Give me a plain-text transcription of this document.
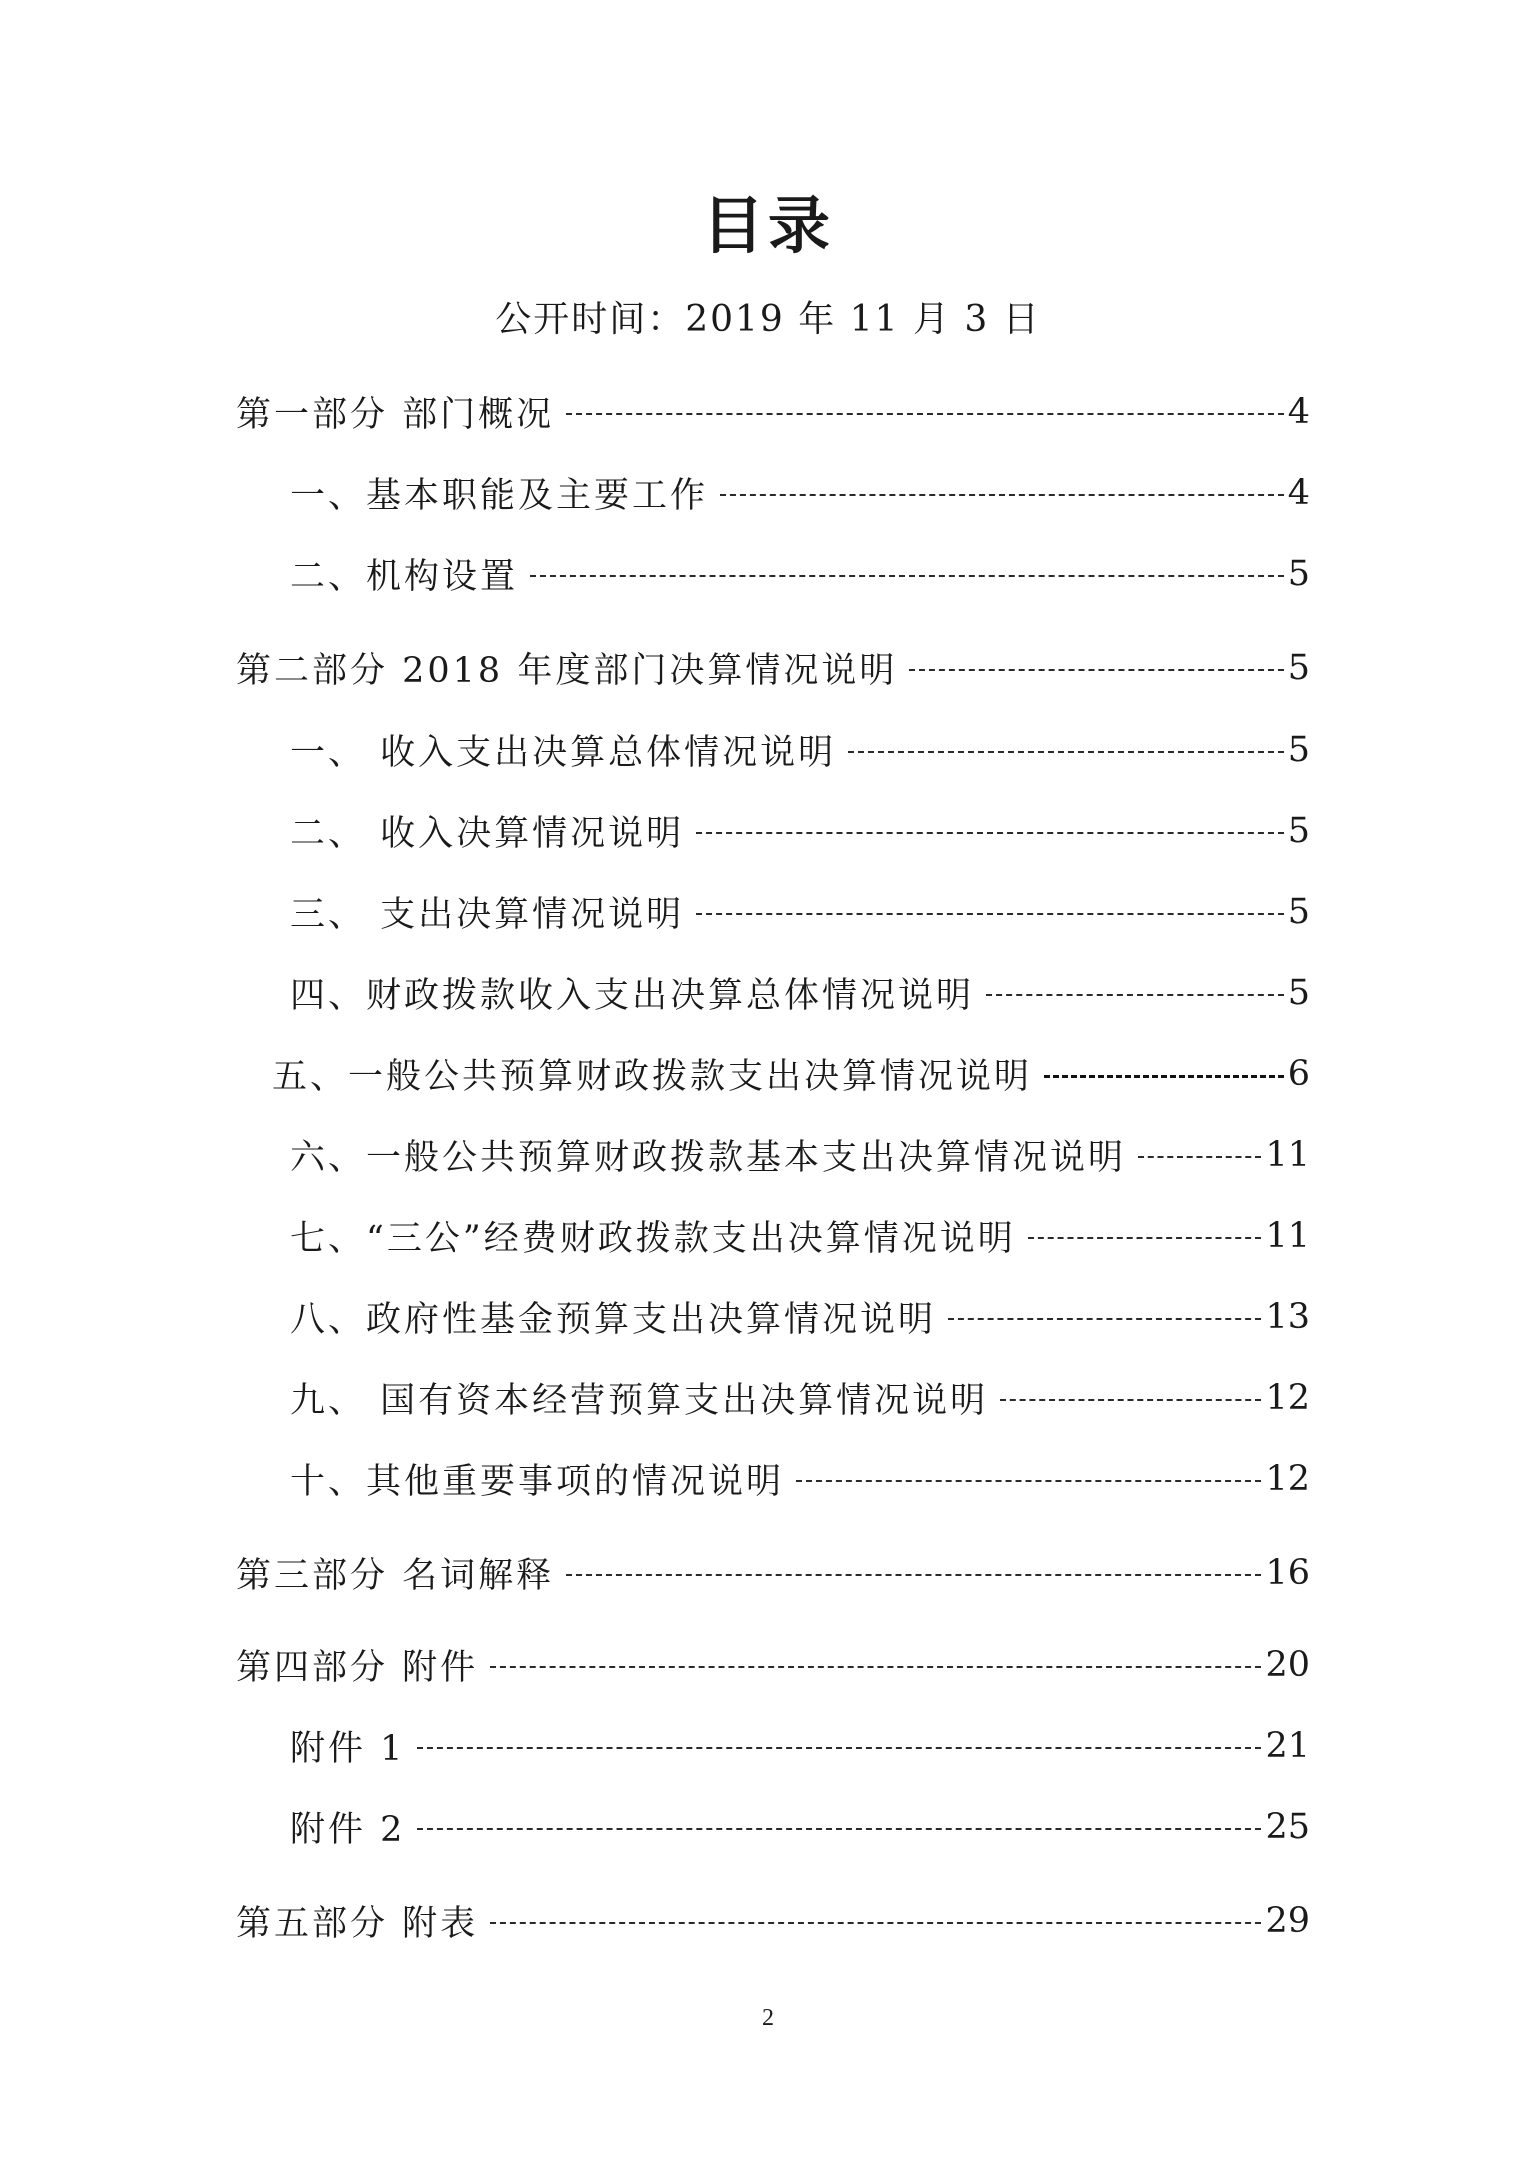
目录
公开时间：2019 年 11 月 3 日
第一部分 部门概况	4
一、基本职能及主要工作	4
二、机构设置	5
第二部分 2018 年度部门决算情况说明	5
一、 收入支出决算总体情况说明	5
二、 收入决算情况说明	5
三、 支出决算情况说明	5
四、财政拨款收入支出决算总体情况说明	5
五、一般公共预算财政拨款支出决算情况说明	6
六、一般公共预算财政拨款基本支出决算情况说明	11
七、“三公”经费财政拨款支出决算情况说明	11
八、政府性基金预算支出决算情况说明	13
九、 国有资本经营预算支出决算情况说明	12
十、其他重要事项的情况说明	12
第三部分 名词解释	16
第四部分 附件	20
附件 1	21
附件 2	25
第五部分 附表	29
2
